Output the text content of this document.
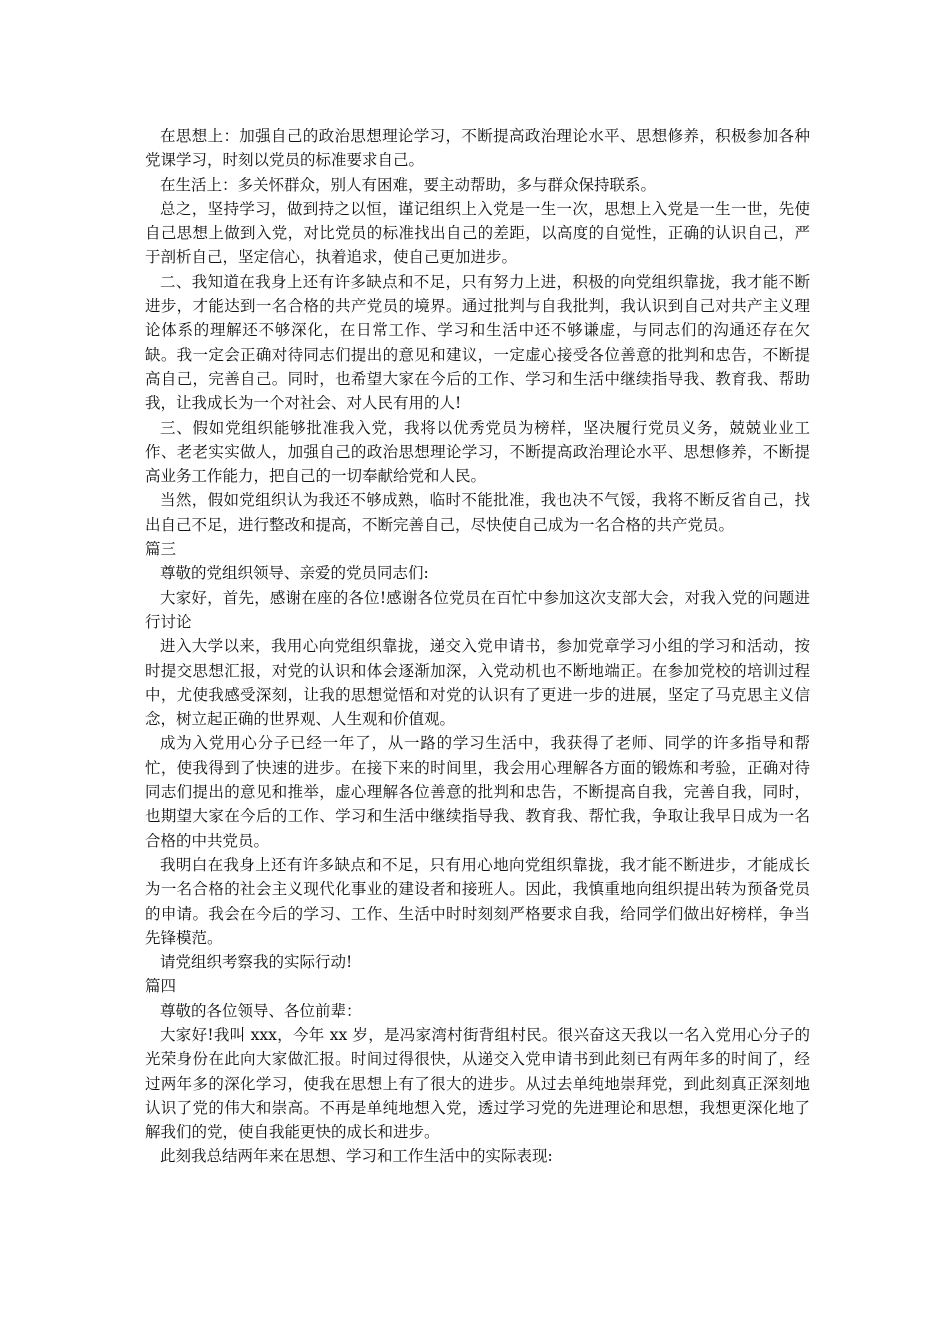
在思想上：加强自己的政治思想理论学习，不断提高政治理论水平、思想修养，积极参加各种党课学习，时刻以党员的标准要求自己。

在生活上：多关怀群众，别人有困难，要主动帮助，多与群众保持联系。

总之，坚持学习，做到持之以恒，谨记组织上入党是一生一次，思想上入党是一生一世，先使自己思想上做到入党，对比党员的标准找出自己的差距，以高度的自觉性，正确的认识自己，严于剖析自己，坚定信心，执着追求，使自己更加进步。

二、我知道在我身上还有许多缺点和不足，只有努力上进，积极的向党组织靠拢，我才能不断进步，才能达到一名合格的共产党员的境界。通过批判与自我批判，我认识到自己对共产主义理论体系的理解还不够深化，在日常工作、学习和生活中还不够谦虚，与同志们的沟通还存在欠缺。我一定会正确对待同志们提出的意见和建议，一定虚心接受各位善意的批判和忠告，不断提高自己，完善自己。同时，也希望大家在今后的工作、学习和生活中继续指导我、教育我、帮助我，让我成长为一个对社会、对人民有用的人!

三、假如党组织能够批准我入党，我将以优秀党员为榜样，坚决履行党员义务，兢兢业业工作、老老实实做人，加强自己的政治思想理论学习，不断提高政治理论水平、思想修养，不断提高业务工作能力，把自己的一切奉献给党和人民。

当然，假如党组织认为我还不够成熟，临时不能批准，我也决不气馁，我将不断反省自己，找出自己不足，进行整改和提高，不断完善自己，尽快使自己成为一名合格的共产党员。

篇三

尊敬的党组织领导、亲爱的党员同志们:

大家好，首先，感谢在座的各位!感谢各位党员在百忙中参加这次支部大会，对我入党的问题进行讨论

进入大学以来，我用心向党组织靠拢，递交入党申请书，参加党章学习小组的学习和活动，按时提交思想汇报，对党的认识和体会逐渐加深，入党动机也不断地端正。在参加党校的培训过程中，尤使我感受深刻，让我的思想觉悟和对党的认识有了更进一步的进展，坚定了马克思主义信念，树立起正确的世界观、人生观和价值观。

成为入党用心分子已经一年了，从一路的学习生活中，我获得了老师、同学的许多指导和帮忙，使我得到了快速的进步。在接下来的时间里，我会用心理解各方面的锻炼和考验，正确对待同志们提出的意见和推举，虚心理解各位善意的批判和忠告，不断提高自我，完善自我，同时，也期望大家在今后的工作、学习和生活中继续指导我、教育我、帮忙我，争取让我早日成为一名合格的中共党员。

我明白在我身上还有许多缺点和不足，只有用心地向党组织靠拢，我才能不断进步，才能成长为一名合格的社会主义现代化事业的建设者和接班人。因此，我慎重地向组织提出转为预备党员的申请。我会在今后的学习、工作、生活中时时刻刻严格要求自我，给同学们做出好榜样，争当先锋模范。

请党组织考察我的实际行动!

篇四

尊敬的各位领导、各位前辈：

大家好!我叫 xxx，今年 xx 岁，是冯家湾村街背组村民。很兴奋这天我以一名入党用心分子的光荣身份在此向大家做汇报。时间过得很快，从递交入党申请书到此刻已有两年多的时间了，经过两年多的深化学习，使我在思想上有了很大的进步。从过去单纯地崇拜党，到此刻真正深刻地认识了党的伟大和崇高。不再是单纯地想入党，透过学习党的先进理论和思想，我想更深化地了解我们的党，使自我能更快的成长和进步。

此刻我总结两年来在思想、学习和工作生活中的实际表现:
